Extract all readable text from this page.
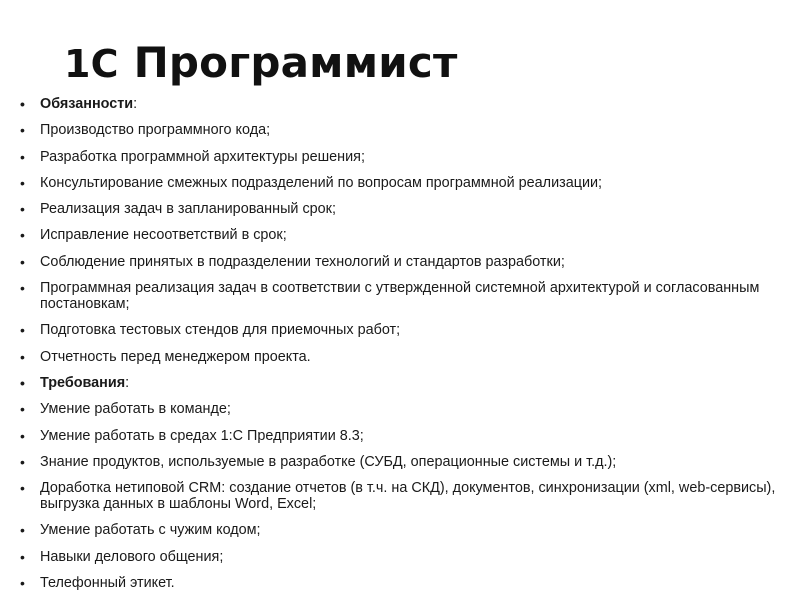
1С Программист
• Обязанности:
• Производство программного кода;
• Разработка программной архитектуры решения;
• Консультирование смежных подразделений по вопросам программной реализации;
• Реализация задач в запланированный срок;
• Исправление несоответствий в срок;
• Соблюдение принятых в подразделении технологий и стандартов разработки;
• Программная реализация задач в соответствии с утвержденной системной архитектурой и согласованным постановкам;
• Подготовка тестовых стендов для приемочных работ;
• Отчетность перед менеджером проекта.
• Требования:
• Умение работать в команде;
• Умение работать в средах 1:С Предприятии 8.3;
• Знание продуктов, используемые в разработке (СУБД, операционные системы и т.д.);
• Доработка нетиповой CRM: создание отчетов (в т.ч. на СКД), документов, синхронизации (xml, web-сервисы), выгрузка данных в шаблоны Word, Excel;
• Умение работать с чужим кодом;
• Навыки делового общения;
• Телефонный этикет.
